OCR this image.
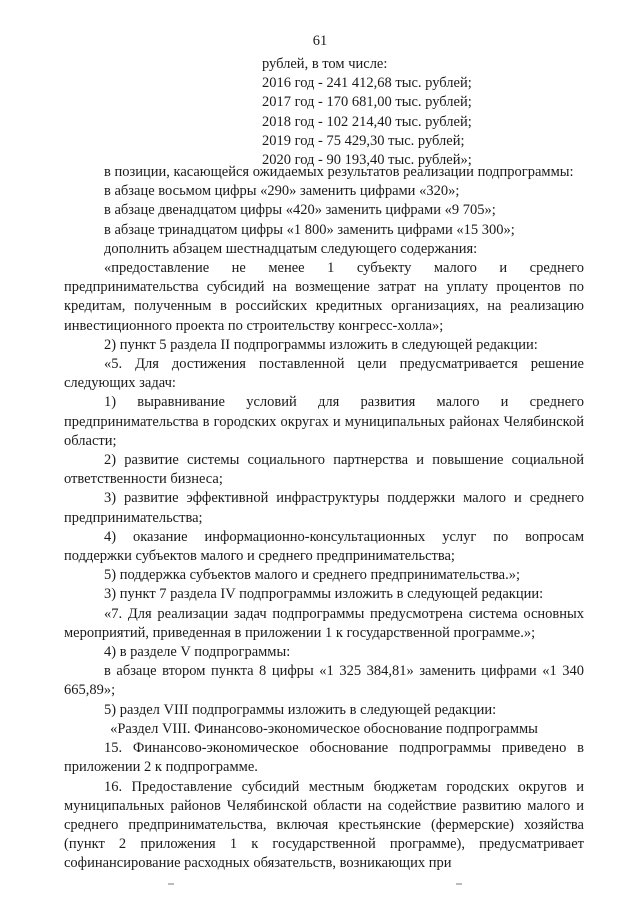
61
рублей, в том числе:
2016 год - 241 412,68 тыс. рублей;
2017 год - 170 681,00 тыс. рублей;
2018 год - 102 214,40 тыс. рублей;
2019 год - 75 429,30 тыс. рублей;
2020 год - 90 193,40 тыс. рублей»;

в позиции, касающейся ожидаемых результатов реализации подпрограммы:

в абзаце восьмом цифры «290» заменить цифрами «320»;

в абзаце двенадцатом цифры «420» заменить цифрами «9 705»;

в абзаце тринадцатом цифры «1 800» заменить цифрами «15 300»;

дополнить абзацем шестнадцатым следующего содержания:

«предоставление не менее 1 субъекту малого и среднего предпринимательства субсидий на возмещение затрат на уплату процентов по кредитам, полученным в российских кредитных организациях, на реализацию инвестиционного проекта по строительству конгресс-холла»;

2) пункт 5 раздела II подпрограммы изложить в следующей редакции:

«5. Для достижения поставленной цели предусматривается решение следующих задач:

1) выравнивание условий для развития малого и среднего предпринимательства в городских округах и муниципальных районах Челябинской области;

2) развитие системы социального партнерства и повышение социальной ответственности бизнеса;

3) развитие эффективной инфраструктуры поддержки малого и среднего предпринимательства;

4) оказание информационно-консультационных услуг по вопросам поддержки субъектов малого и среднего предпринимательства;

5) поддержка субъектов малого и среднего предпринимательства.»;

3) пункт 7 раздела IV подпрограммы изложить в следующей редакции:

«7. Для реализации задач подпрограммы предусмотрена система основных мероприятий, приведенная в приложении 1 к государственной программе.»;

4) в разделе V подпрограммы:

в абзаце втором пункта 8 цифры «1 325 384,81» заменить цифрами «1 340 665,89»;

5) раздел VIII подпрограммы изложить в следующей редакции:

«Раздел VIII. Финансово-экономическое обоснование подпрограммы

15. Финансово-экономическое обоснование подпрограммы приведено в приложении 2 к подпрограмме.

16. Предоставление субсидий местным бюджетам городских округов и муниципальных районов Челябинской области на содействие развитию малого и среднего предпринимательства, включая крестьянские (фермерские) хозяйства (пункт 2 приложения 1 к государственной программе), предусматривает софинансирование расходных обязательств, возникающих при
